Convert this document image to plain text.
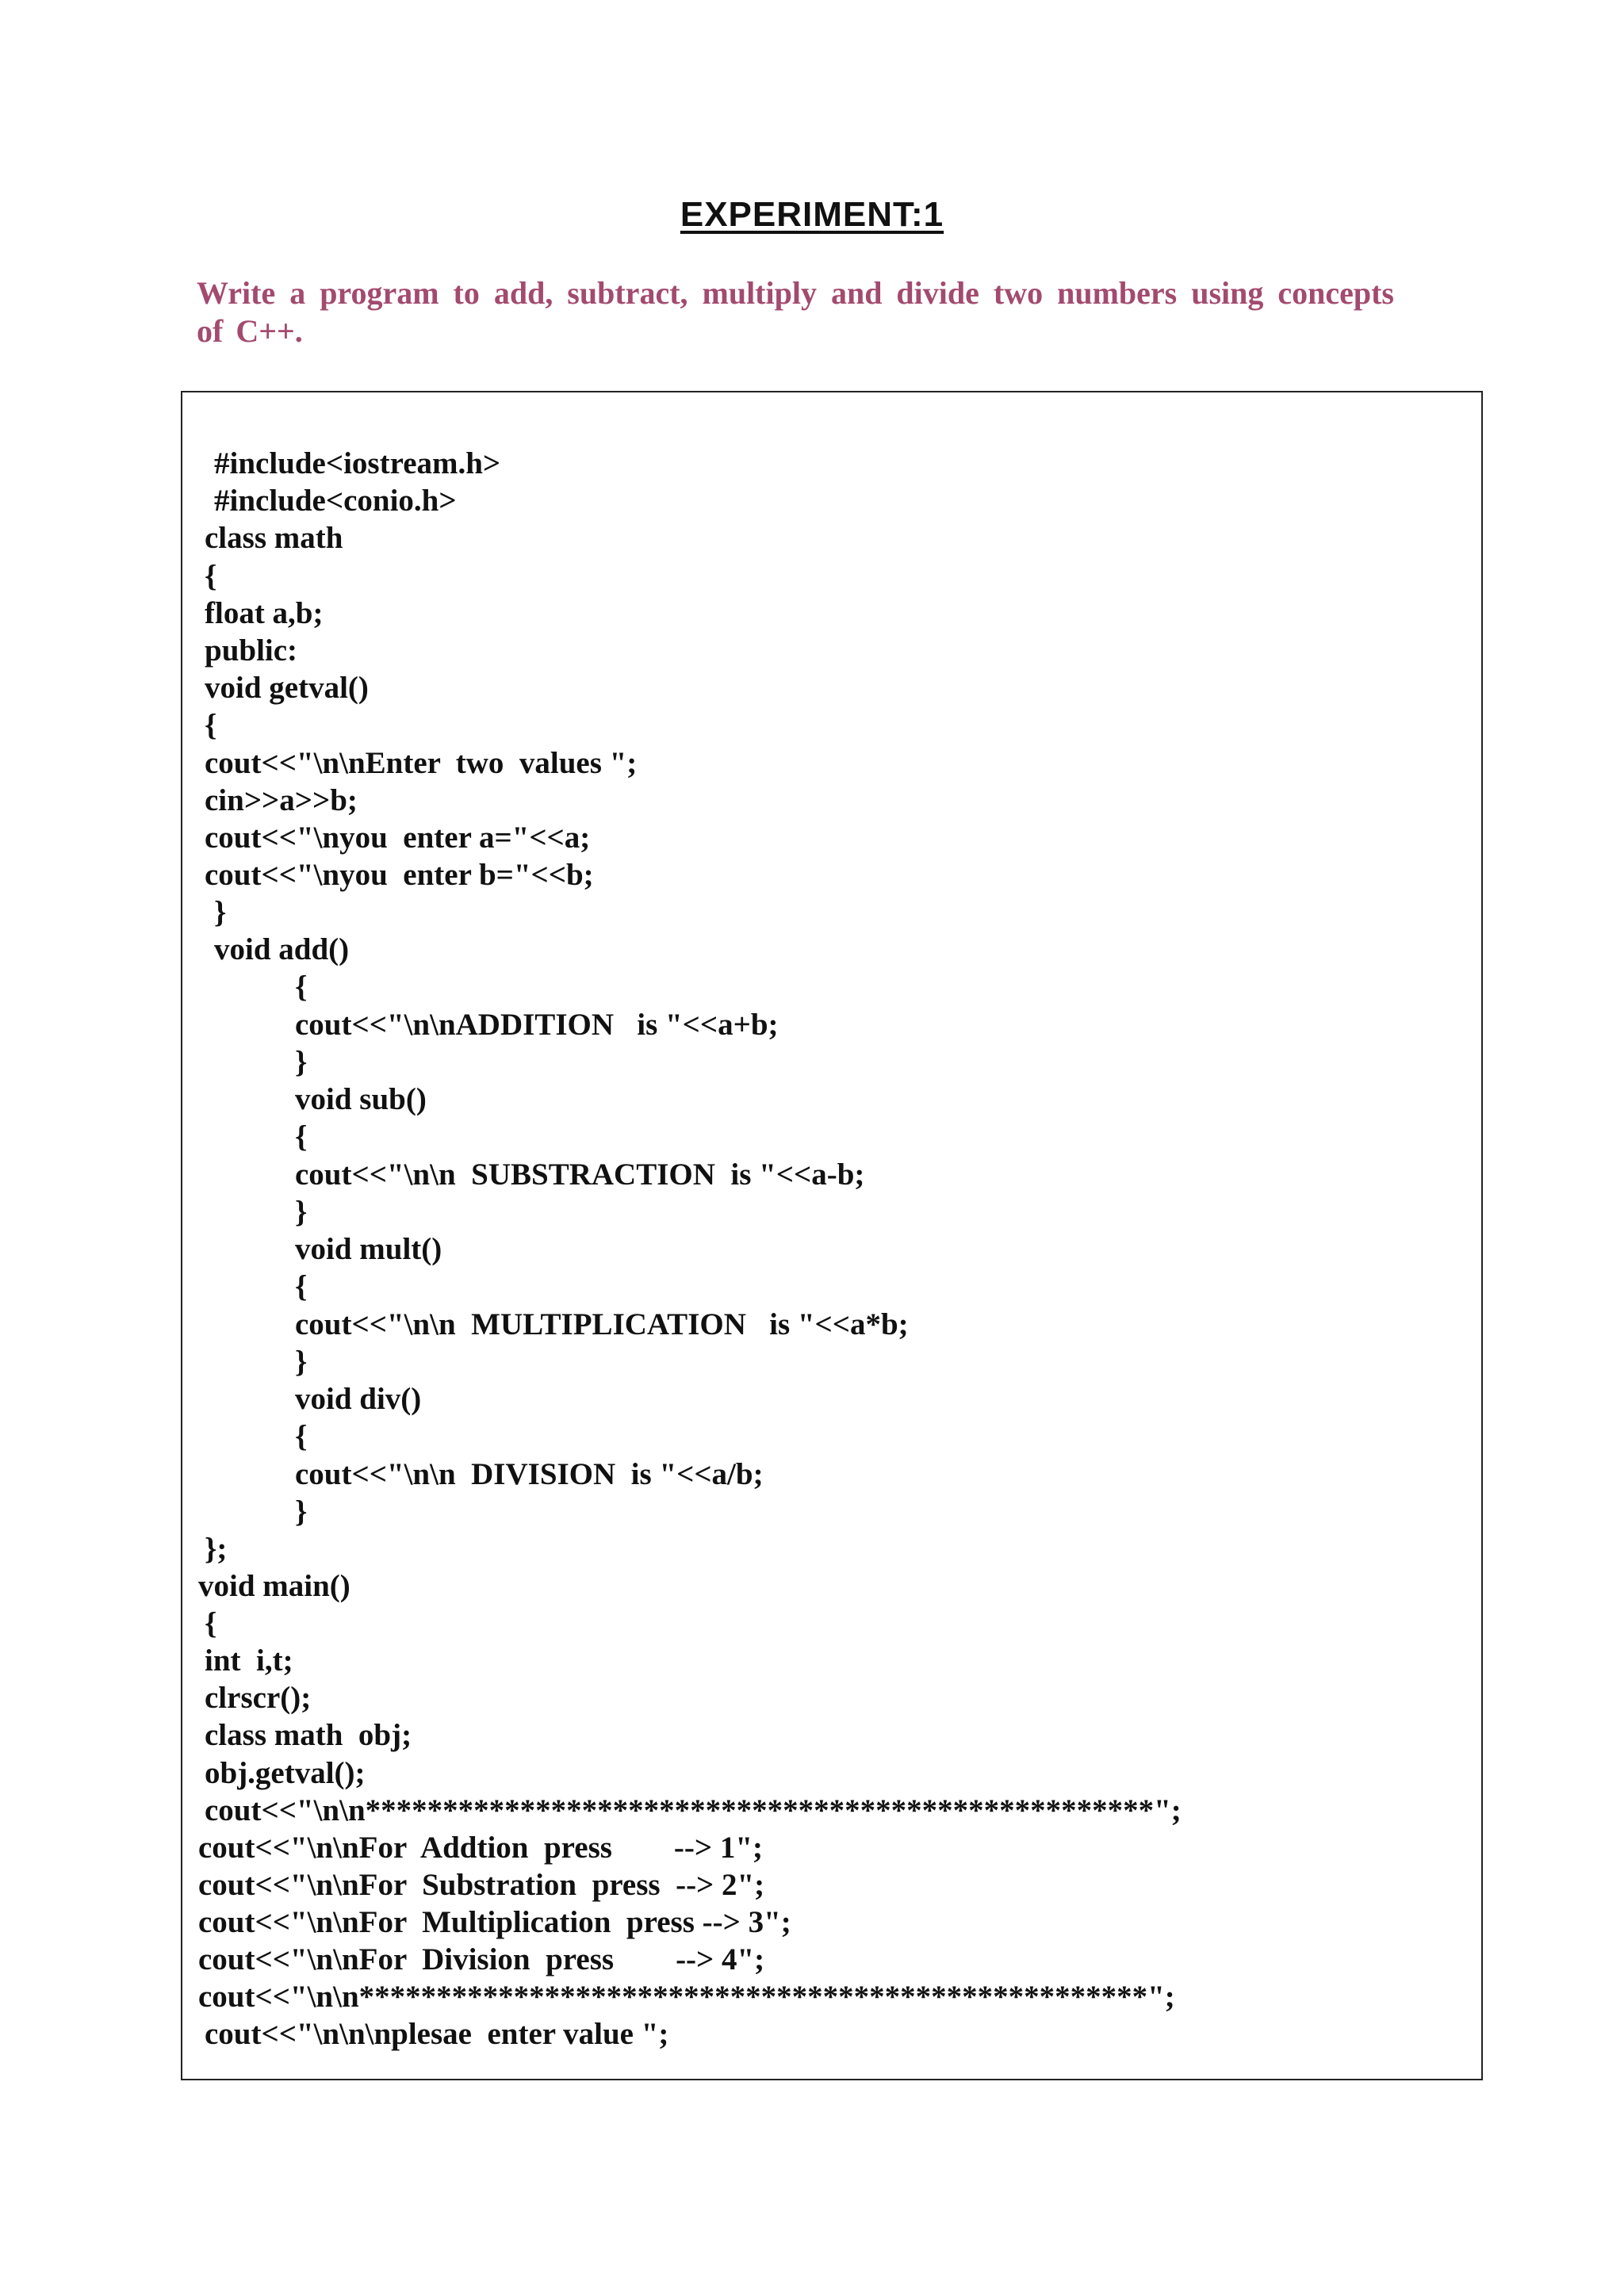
EXPERIMENT:1
Write a program to add, subtract, multiply and divide two numbers using concepts of C++.
#include<iostream.h>
#include<conio.h>
class math
{
float a,b;
public:
void getval()
{
cout<<"\n\nEnter  two  values ";
cin>>a>>b;
cout<<"\nyou  enter a="<<a;
cout<<"\nyou  enter b="<<b;
}
void add()
{
cout<<"\n\nADDITION   is "<<a+b;
}
void sub()
{
cout<<"\n\n  SUBSTRACTION  is "<<a-b;
}
void mult()
{
cout<<"\n\n  MULTIPLICATION   is "<<a*b;
}
void div()
{
cout<<"\n\n  DIVISION  is "<<a/b;
}
};
void main()
{
int  i,t;
clrscr();
class math  obj;
obj.getval();
cout<<"\n\n***************************************************";
cout<<"\n\nFor  Addtion  press        --> 1";
cout<<"\n\nFor  Substration  press  --> 2";
cout<<"\n\nFor  Multiplication  press --> 3";
cout<<"\n\nFor  Division  press        --> 4";
cout<<"\n\n***************************************************";
cout<<"\n\n\nplesae  enter value ";
